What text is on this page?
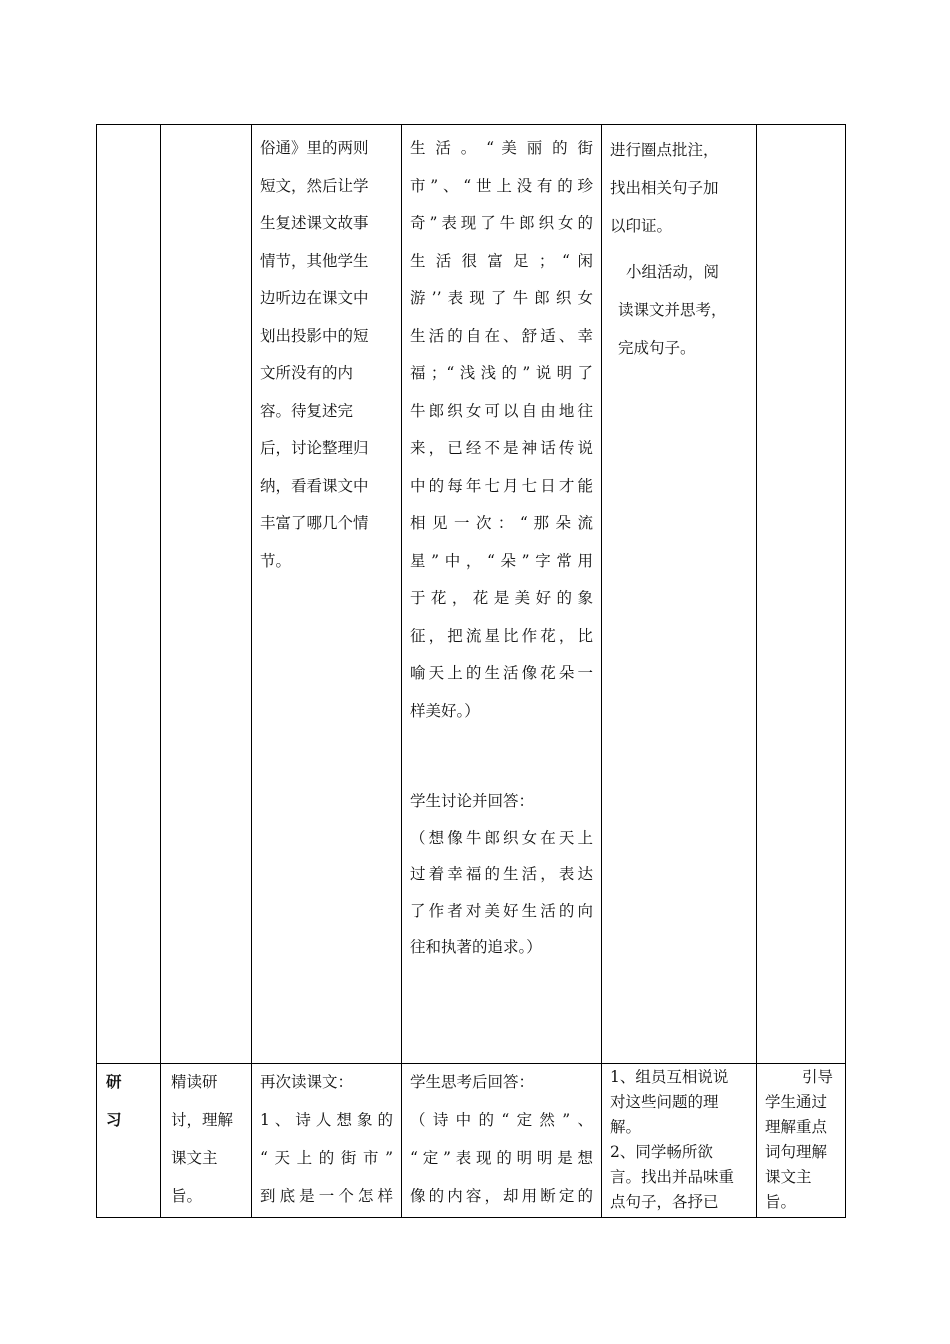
俗通》里的两则
短文，然后让学
生复述课文故事
情节，其他学生
边听边在课文中
划出投影中的短
文所没有的内
容。待复述完
后，讨论整理归
纳，看看课文中
丰富了哪几个情
节。
生 活 。 “ 美 丽 的 街
市”、“世上没有的珍
奇”表现了牛郎织女的
生 活 很 富 足 ； “ 闲
游’’表现了牛郎织女
生活的自在、舒适、幸
福；“浅浅的”说明了
牛郎织女可以自由地往
来，已经不是神话传说
中的每年七月七日才能
相 见 一 次 ： “ 那 朵 流
星”中，“朵”字常用
于花，花是美好的象
征，把流星比作花，比
喻天上的生活像花朵一
样美好。）
学生讨论并回答：
（想像牛郎织女在天上
过着幸福的生活，表达
了作者对美好生活的向
往和执著的追求。）
进行圈点批注，
找出相关句子加
以印证。
小组活动，阅
读课文并思考，
完成句子。
研
习
精读研
讨，理解
课文主
旨。
再次读课文：
1、诗人想象的
“天上的街市”
到底是一个怎样
学生思考后回答：
（诗中的“定然”、
“定”表现的明明是想
像的内容，却用断定的
1、组员互相说说
对这些问题的理
解。
2、同学畅所欲
言。找出并品味重
点句子，各抒已
引导
学生通过
理解重点
词句理解
课文主
旨。
